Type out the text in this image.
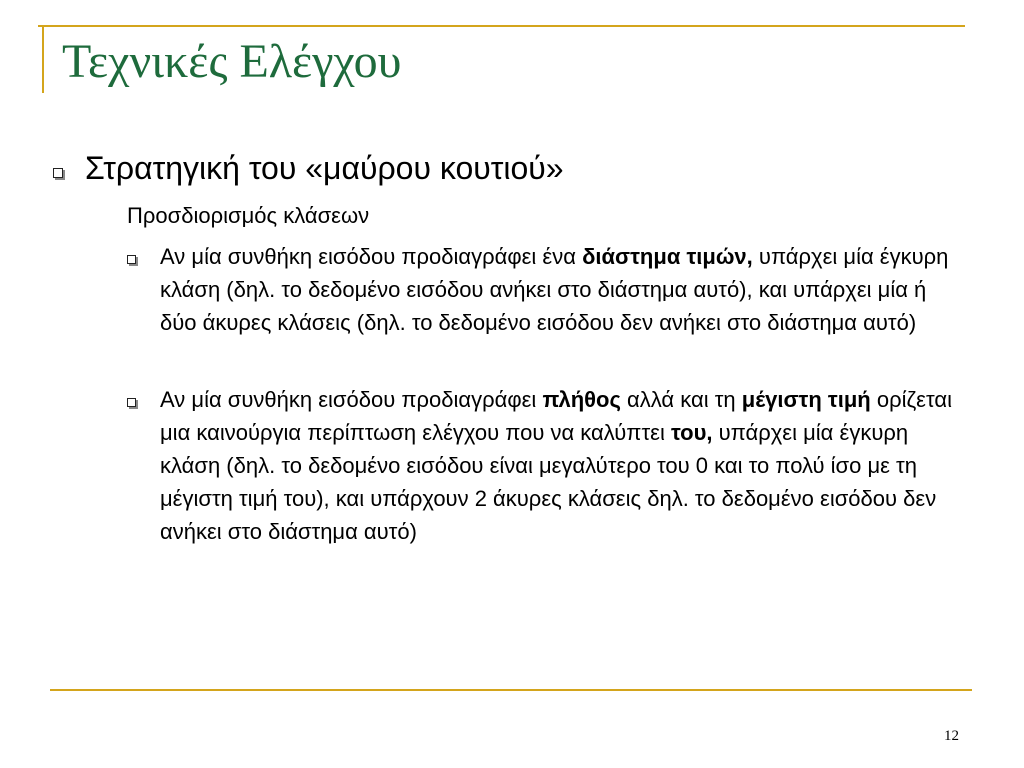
Τεχνικές Ελέγχου
Στρατηγική του «μαύρου κουτιού»
Προσδιορισμός κλάσεων
Αν μία συνθήκη εισόδου προδιαγράφει ένα διάστημα τιμών, υπάρχει μία έγκυρη κλάση (δηλ. το δεδομένο εισόδου ανήκει στο διάστημα αυτό), και υπάρχει μία ή δύο άκυρες κλάσεις (δηλ. το δεδομένο εισόδου δεν ανήκει στο διάστημα αυτό)
Αν μία συνθήκη εισόδου προδιαγράφει πλήθος αλλά και τη μέγιστη τιμή ορίζεται μια καινούργια περίπτωση ελέγχου που να καλύπτει του, υπάρχει μία έγκυρη κλάση (δηλ. το δεδομένο εισόδου είναι μεγαλύτερο του 0 και το πολύ ίσο με τη μέγιστη τιμή του), και υπάρχουν 2 άκυρες κλάσεις δηλ. το δεδομένο εισόδου δεν ανήκει στο διάστημα αυτό)
12
